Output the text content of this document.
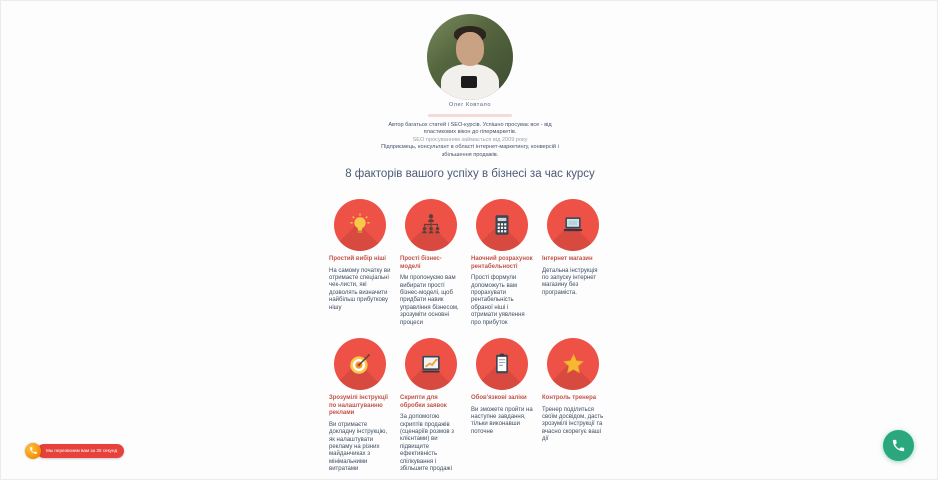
Олег Ковтало

Автор багатьох статей і SEO-курсів. Успішно просуває все - від

пластикових вікон до гіпермаркетів.

SEO просуванням займається від 2009 року

Підприємець, консультант в області інтернет-маркетингу, конверсій і

збільшення продажів.

8 факторів вашого успіху в бізнесі за час курсу

Простий вибір ніші

На самому початку ви отримаєте спеціальні чек-листи, які дозволять визначити найбільш прибуткову нішу

Прості бізнес-моделі

Ми пропонуємо вам вибирати прості бізнес-моделі, щоб придбати навик управління бізнесом, зрозуміти основні процеси

Наочний розрахунок рентабельності

Прості формули допоможуть вам прорахувати рентабельність обраної ніші і отримати уявлення про прибуток

Інтернет магазин

Детальна інструкція по запуску інтернет магазину без програміста.

Зрозумілі інструкції по налаштуванню реклами

Ви отримаєте докладну інструкцію, як налаштувати рекламу на різних майданчиках з мінімальними витратами

Скрипти для обробки заявок

За допомогою скриптів продажів (сценаріїв розмов з клієнтами) ви підвищите ефективність спілкування і збільшите продажі

Обов'язкові заліки

Ви зможете пройти на наступне завдання, тільки виконавши поточне

Контроль тренера

Тренер поділиться своїм досвідом, дасть зрозумілі інструкції та вчасно скорегує ваші дії

Мы перезвоним вам за 30 секунд
